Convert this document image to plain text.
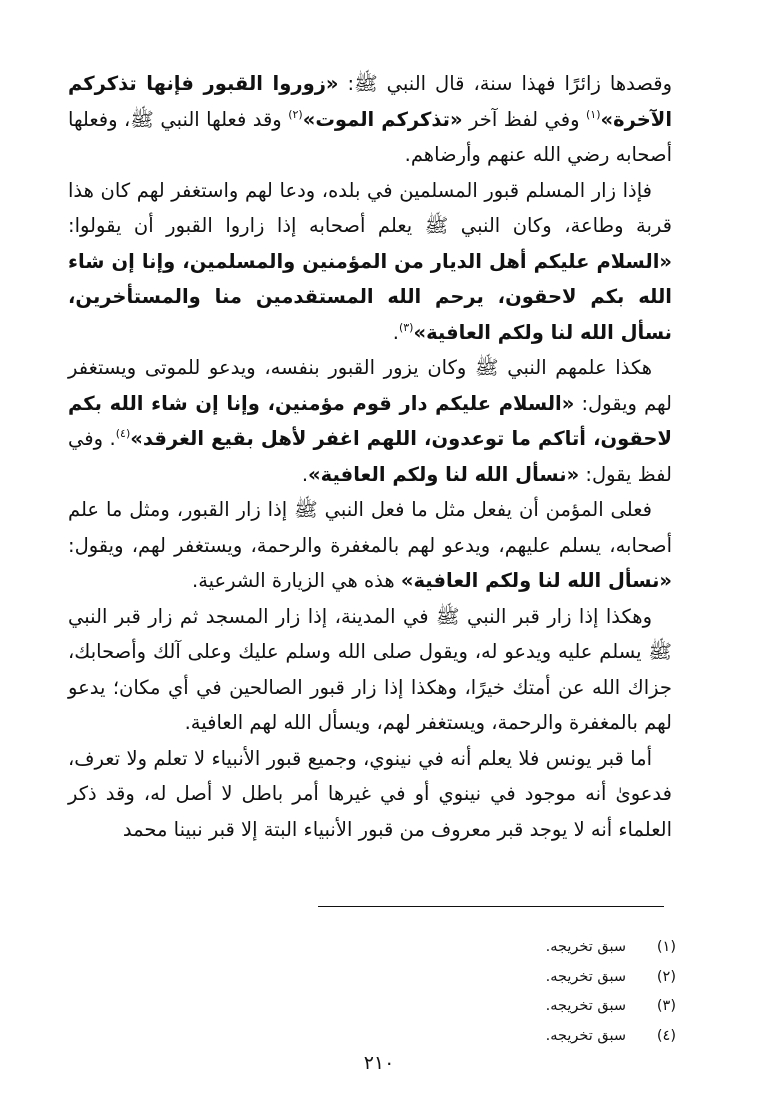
وقصدها زائرًا فهذا سنة، قال النبي ﷺ: «زوروا القبور فإنها تذكركم الآخرة»$^{(١)}$ وفي لفظ آخر «تذكركم الموت»$^{(٢)}$ وقد فعلها النبي ﷺ، وفعلها أصحابه رضي الله عنهم وأرضاهم.

فإذا زار المسلم قبور المسلمين في بلده، ودعا لهم واستغفر لهم كان هذا قربة وطاعة، وكان النبي ﷺ يعلم أصحابه إذا زاروا القبور أن يقولوا: «السلام عليكم أهل الديار من المؤمنين والمسلمين، وإنا إن شاء الله بكم لاحقون، يرحم الله المستقدمين منا والمستأخرين، نسأل الله لنا ولكم العافية»$^{(٣)}$.

هكذا علمهم النبي ﷺ وكان يزور القبور بنفسه، ويدعو للموتى ويستغفر لهم ويقول: «السلام عليكم دار قوم مؤمنين، وإنا إن شاء الله بكم لاحقون، أتاكم ما توعدون، اللهم اغفر لأهل بقيع الغرقد»$^{(٤)}$. وفي لفظ يقول: «نسأل الله لنا ولكم العافية».

فعلى المؤمن أن يفعل مثل ما فعل النبي ﷺ إذا زار القبور، ومثل ما علم أصحابه، يسلم عليهم، ويدعو لهم بالمغفرة والرحمة، ويستغفر لهم، ويقول: «نسأل الله لنا ولكم العافية» هذه هي الزيارة الشرعية.

وهكذا إذا زار قبر النبي ﷺ في المدينة، إذا زار المسجد ثم زار قبر النبي ﷺ يسلم عليه ويدعو له، ويقول صلى الله وسلم عليك وعلى آلك وأصحابك، جزاك الله عن أمتك خيرًا، وهكذا إذا زار قبور الصالحين في أي مكان؛ يدعو لهم بالمغفرة والرحمة، ويستغفر لهم، ويسأل الله لهم العافية.

أما قبر يونس فلا يعلم أنه في نينوي، وجميع قبور الأنبياء لا تعلم ولا تعرف، فدعوىٰ أنه موجود في نينوي أو في غيرها أمر باطل لا أصل له، وقد ذكر العلماء أنه لا يوجد قبر معروف من قبور الأنبياء البتة إلا قبر نبينا محمد

(١)
سبق تخريجه.
(٢)
سبق تخريجه.
(٣)
سبق تخريجه.
(٤)
سبق تخريجه.
٢١٠
